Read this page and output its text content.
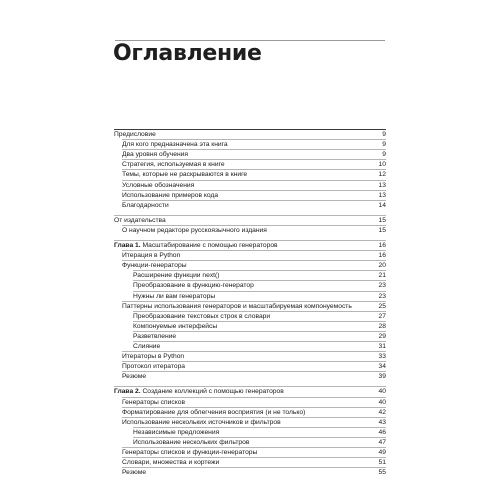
Оглавление
Предисловие	9
Для кого предназначена эта книга	9
Два уровня обучения	9
Стратегия, используемая в книге	10
Темы, которые не раскрываются в книге	12
Условные обозначения	13
Использование примеров кода	13
Благодарности	14
От издательства	15
О научном редакторе русскоязычного издания	15
Глава 1. Масштабирование с помощью генераторов	16
Итерация в Python	16
Функции-генераторы	20
Расширение функции next()	21
Преобразование в функцию-генератор	23
Нужны ли вам генераторы	23
Паттерны использования генераторов и масштабируемая компонуемость	25
Преобразование текстовых строк в словари	27
Компонуемые интерфейсы	28
Разветвление	29
Слияние	31
Итераторы в Python	33
Протокол итератора	34
Резюме	39
Глава 2. Создание коллекций с помощью генераторов	40
Генераторы списков	40
Форматирование для облегчения восприятия (и не только)	42
Использование нескольких источников и фильтров	43
Независимые предложения	46
Использование нескольких фильтров	47
Генераторы списков и функции-генераторы	49
Словари, множества и кортежи	51
Резюме	55
